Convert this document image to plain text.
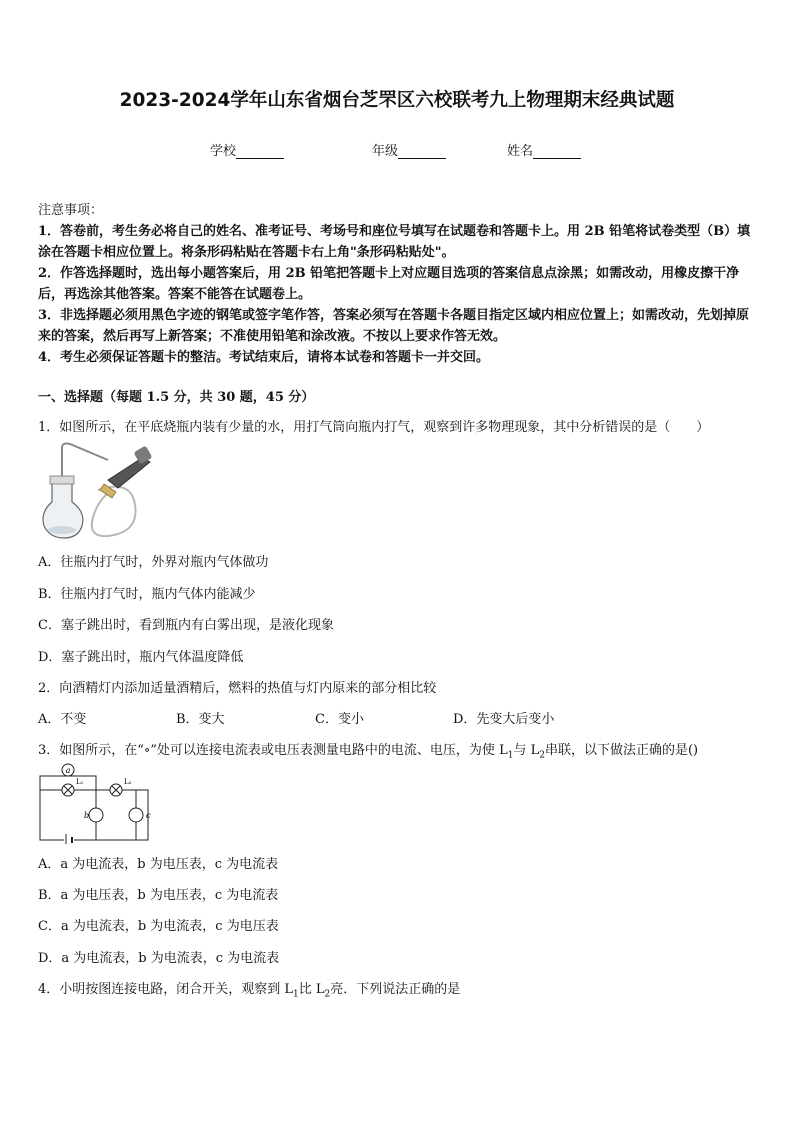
2023-2024学年山东省烟台芝罘区六校联考九上物理期末经典试题
学校	年级	姓名

注意事项：

1．答卷前，考生务必将自己的姓名、准考证号、考场号和座位号填写在试题卷和答题卡上。用 2B 铅笔将试卷类型（B）填涂在答题卡相应位置上。将条形码粘贴在答题卡右上角"条形码粘贴处"。

2．作答选择题时，选出每小题答案后，用 2B 铅笔把答题卡上对应题目选项的答案信息点涂黑；如需改动，用橡皮擦干净后，再选涂其他答案。答案不能答在试题卷上。

3．非选择题必须用黑色字迹的钢笔或签字笔作答，答案必须写在答题卡各题目指定区域内相应位置上；如需改动，先划掉原来的答案，然后再写上新答案；不准使用铅笔和涂改液。不按以上要求作答无效。

4．考生必须保证答题卡的整洁。考试结束后，请将本试卷和答题卡一并交回。

一、选择题（每题 1.5 分，共 30 题，45 分）
1．如图所示，在平底烧瓶内装有少量的水，用打气筒向瓶内打气，观察到许多物理现象，其中分析错误的是（　　）
A．往瓶内打气时，外界对瓶内气体做功
B．往瓶内打气时，瓶内气体内能减少
C．塞子跳出时，看到瓶内有白雾出现，是液化现象
D．塞子跳出时，瓶内气体温度降低
2．向酒精灯内添加适量酒精后，燃料的热值与灯内原来的部分相比较
A．不变	B．变大	C．变小	D．先变大后变小
3．如图所示，在“∘”处可以连接电流表或电压表测量电路中的电流、电压，为使 $L_1$与 $L_2$串联，以下做法正确的是()
a
L₁	L₂
b	c
A．a 为电流表，b 为电压表，c 为电流表
B．a 为电压表，b 为电压表，c 为电流表
C．a 为电流表，b 为电流表，c 为电压表
D．a 为电流表，b 为电流表，c 为电流表
4．小明按图连接电路，闭合开关，观察到 $L_1$比 $L_2$亮．下列说法正确的是
